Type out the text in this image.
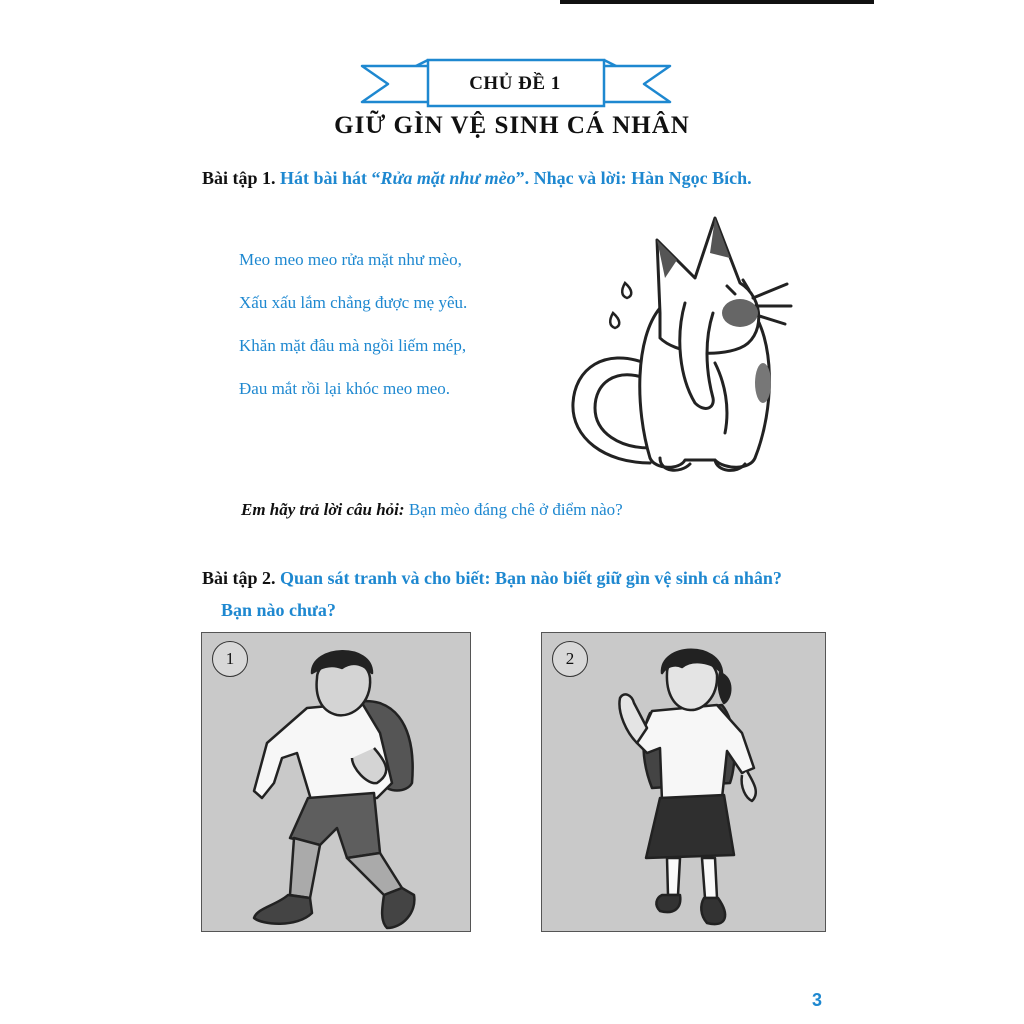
CHỦ ĐỀ 1
GIỮ GÌN VỆ SINH CÁ NHÂN
Bài tập 1. Hát bài hát “Rửa mặt như mèo”. Nhạc và lời: Hàn Ngọc Bích.
Meo meo meo rửa mặt như mèo,
Xấu xấu lắm chẳng được mẹ yêu.
Khăn mặt đâu mà ngồi liếm mép,
Đau mắt rồi lại khóc meo meo.
Em hãy trả lời câu hỏi: Bạn mèo đáng chê ở điểm nào?
Bài tập 2. Quan sát tranh và cho biết: Bạn nào biết giữ gìn vệ sinh cá nhân?
Bạn nào chưa?
1	2
3
